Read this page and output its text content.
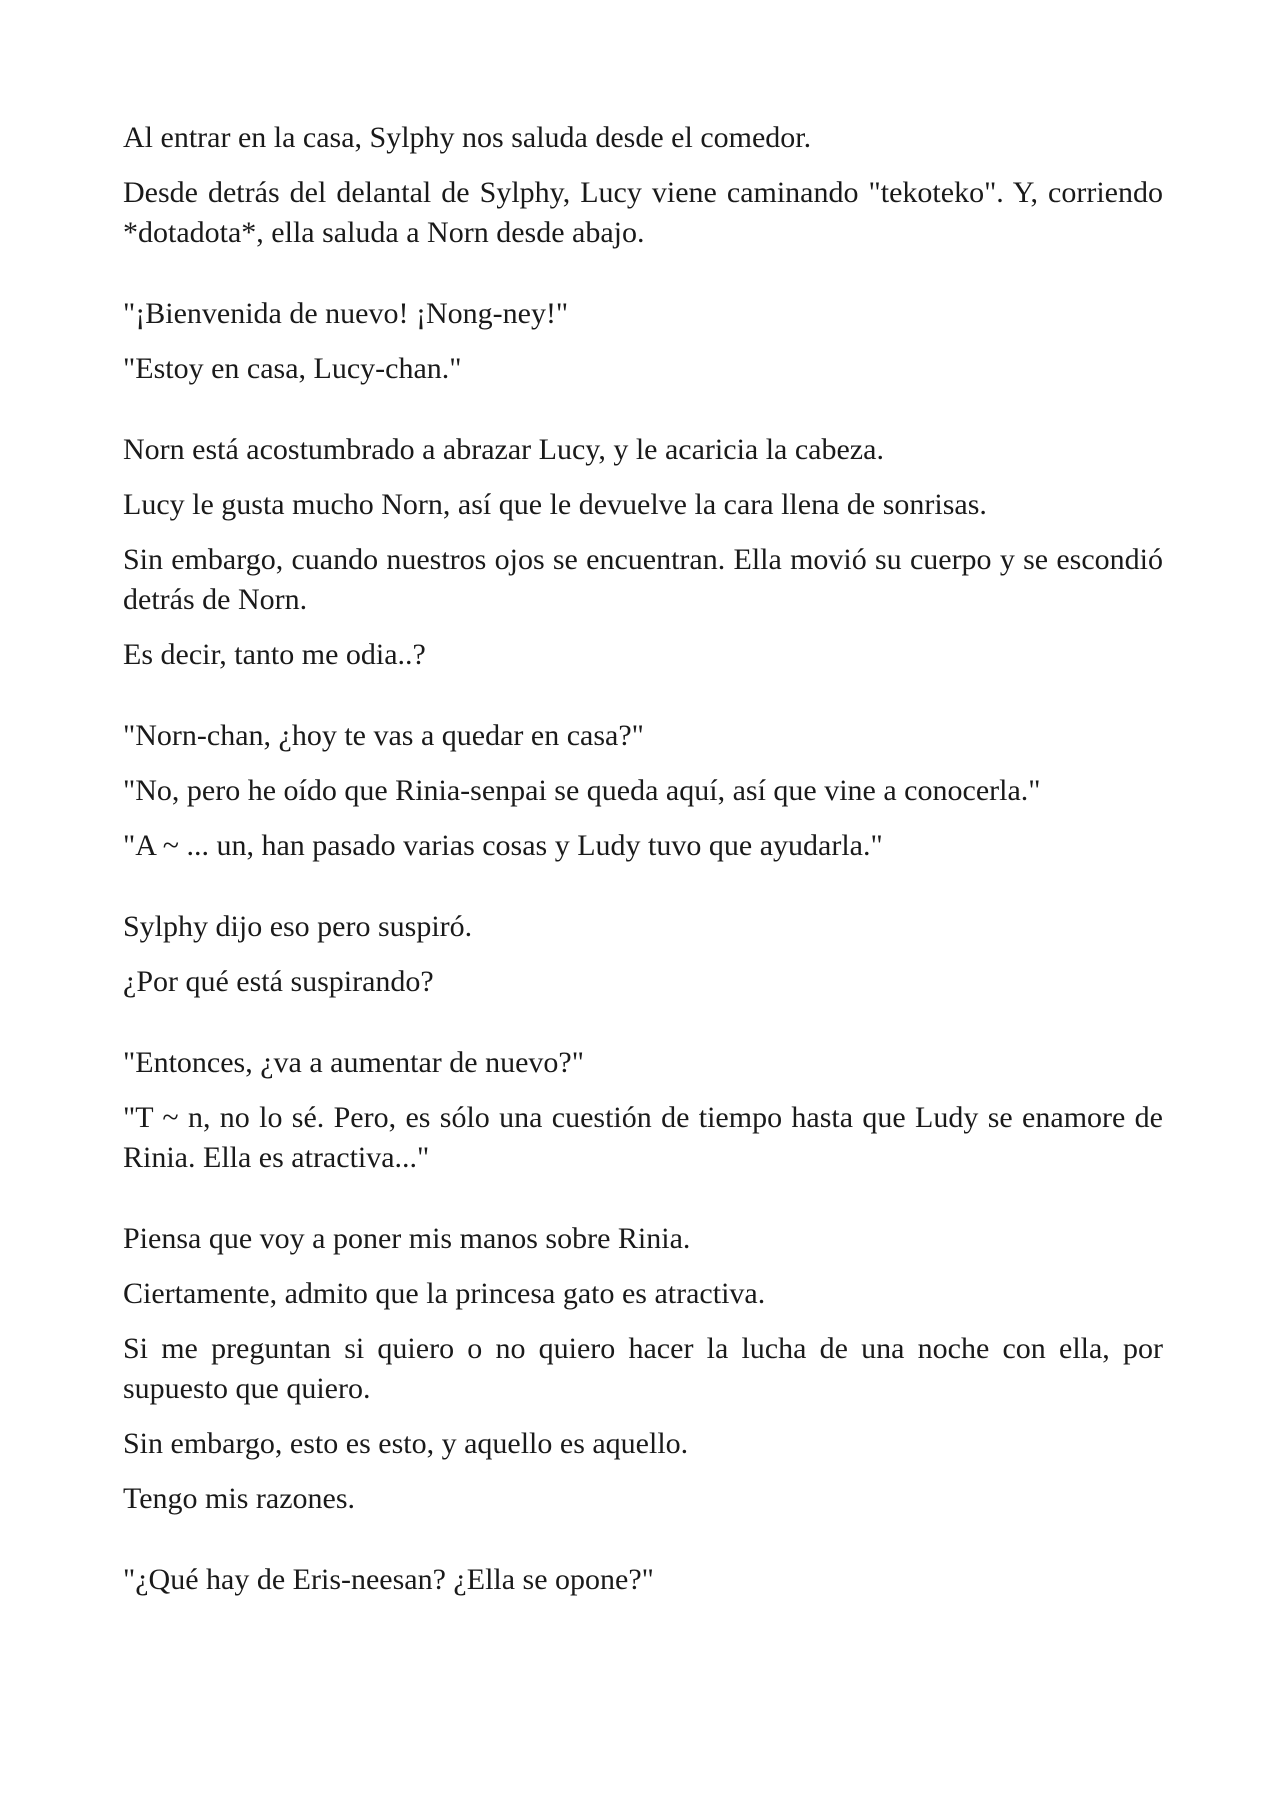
Al entrar en la casa, Sylphy nos saluda desde el comedor.

Desde detrás del delantal de Sylphy, Lucy viene caminando "tekoteko". Y, corriendo *dotadota*, ella saluda a Norn desde abajo.

"¡Bienvenida de nuevo! ¡Nong-ney!"

"Estoy en casa, Lucy-chan."

Norn está acostumbrado a abrazar Lucy, y le acaricia la cabeza.

Lucy le gusta mucho Norn, así que le devuelve la cara llena de sonrisas.

Sin embargo, cuando nuestros ojos se encuentran. Ella movió su cuerpo y se escondió detrás de Norn.

Es decir, tanto me odia..?

"Norn-chan, ¿hoy te vas a quedar en casa?"

"No, pero he oído que Rinia-senpai se queda aquí, así que vine a conocerla."

"A ~ ... un, han pasado varias cosas y Ludy tuvo que ayudarla."

Sylphy dijo eso pero suspiró.

¿Por qué está suspirando?

"Entonces, ¿va a aumentar de nuevo?"

"T ~ n, no lo sé. Pero, es sólo una cuestión de tiempo hasta que Ludy se enamore de Rinia. Ella es atractiva..."

Piensa que voy a poner mis manos sobre Rinia.

Ciertamente, admito que la princesa gato es atractiva.

Si me preguntan si quiero o no quiero hacer la lucha de una noche con ella, por supuesto que quiero.

Sin embargo, esto es esto, y aquello es aquello.

Tengo mis razones.

"¿Qué hay de Eris-neesan? ¿Ella se opone?"
